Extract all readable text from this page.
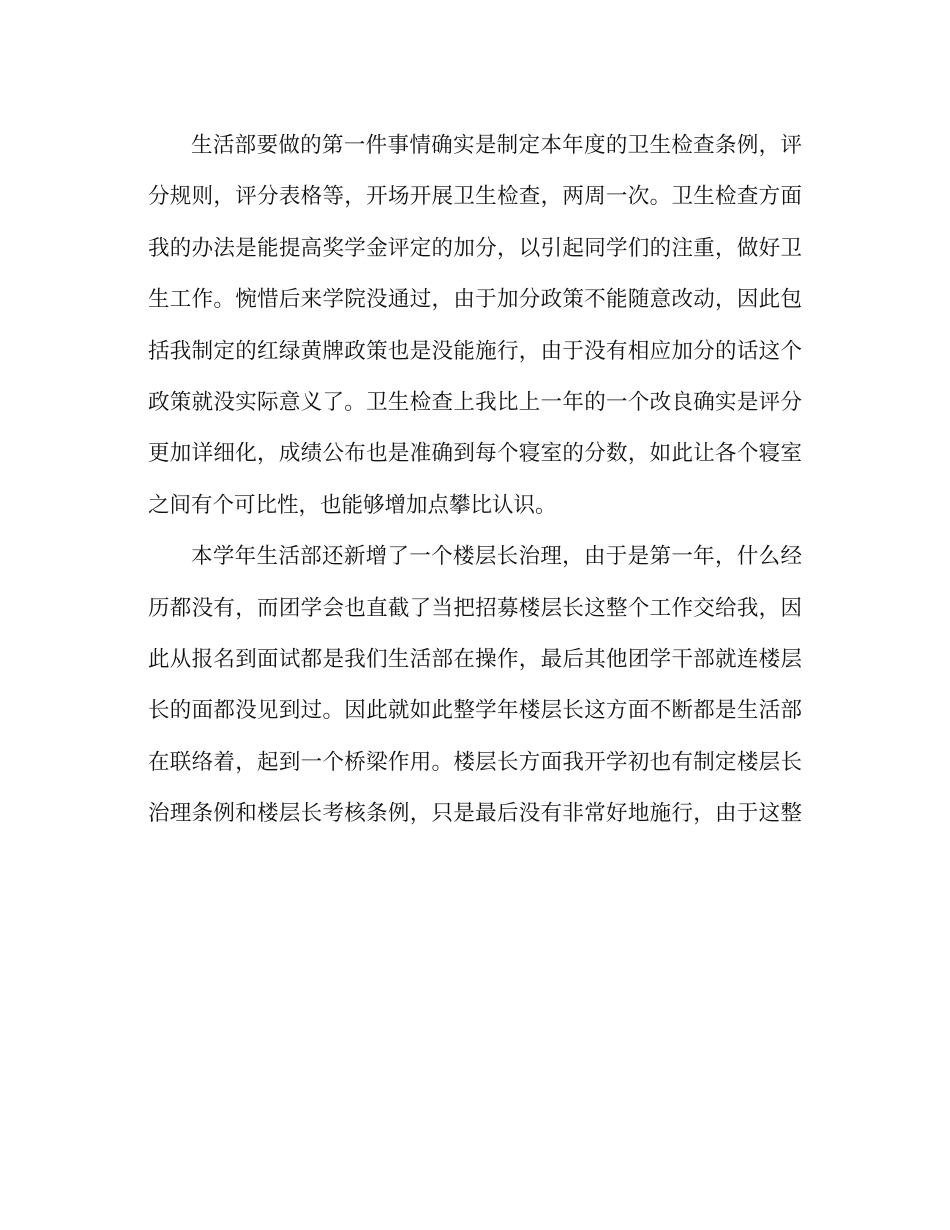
生活部要做的第一件事情确实是制定本年度的卫生检查条例，评
分规则，评分表格等，开场开展卫生检查，两周一次。卫生检查方面
我的办法是能提高奖学金评定的加分，以引起同学们的注重，做好卫
生工作。惋惜后来学院没通过，由于加分政策不能随意改动，因此包
括我制定的红绿黄牌政策也是没能施行，由于没有相应加分的话这个
政策就没实际意义了。卫生检查上我比上一年的一个改良确实是评分
更加详细化，成绩公布也是准确到每个寝室的分数，如此让各个寝室
之间有个可比性，也能够增加点攀比认识。
本学年生活部还新增了一个楼层长治理，由于是第一年，什么经
历都没有，而团学会也直截了当把招募楼层长这整个工作交给我，因
此从报名到面试都是我们生活部在操作，最后其他团学干部就连楼层
长的面都没见到过。因此就如此整学年楼层长这方面不断都是生活部
在联络着，起到一个桥梁作用。楼层长方面我开学初也有制定楼层长
治理条例和楼层长考核条例，只是最后没有非常好地施行，由于这整
